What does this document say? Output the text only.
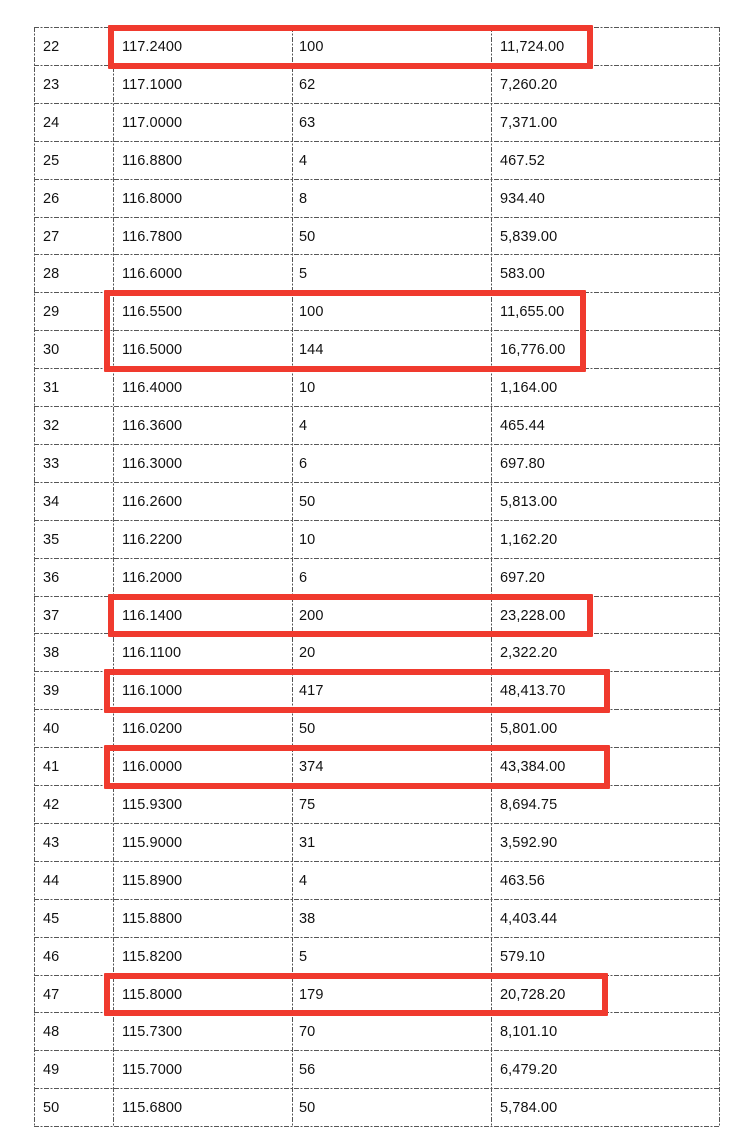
22	117.2400	100	11,724.00
23	117.1000	62	7,260.20
24	117.0000	63	7,371.00
25	116.8800	4	467.52
26	116.8000	8	934.40
27	116.7800	50	5,839.00
28	116.6000	5	583.00
29	116.5500	100	11,655.00
30	116.5000	144	16,776.00
31	116.4000	10	1,164.00
32	116.3600	4	465.44
33	116.3000	6	697.80
34	116.2600	50	5,813.00
35	116.2200	10	1,162.20
36	116.2000	6	697.20
37	116.1400	200	23,228.00
38	116.1100	20	2,322.20
39	116.1000	417	48,413.70
40	116.0200	50	5,801.00
41	116.0000	374	43,384.00
42	115.9300	75	8,694.75
43	115.9000	31	3,592.90
44	115.8900	4	463.56
45	115.8800	38	4,403.44
46	115.8200	5	579.10
47	115.8000	179	20,728.20
48	115.7300	70	8,101.10
49	115.7000	56	6,479.20
50	115.6800	50	5,784.00
